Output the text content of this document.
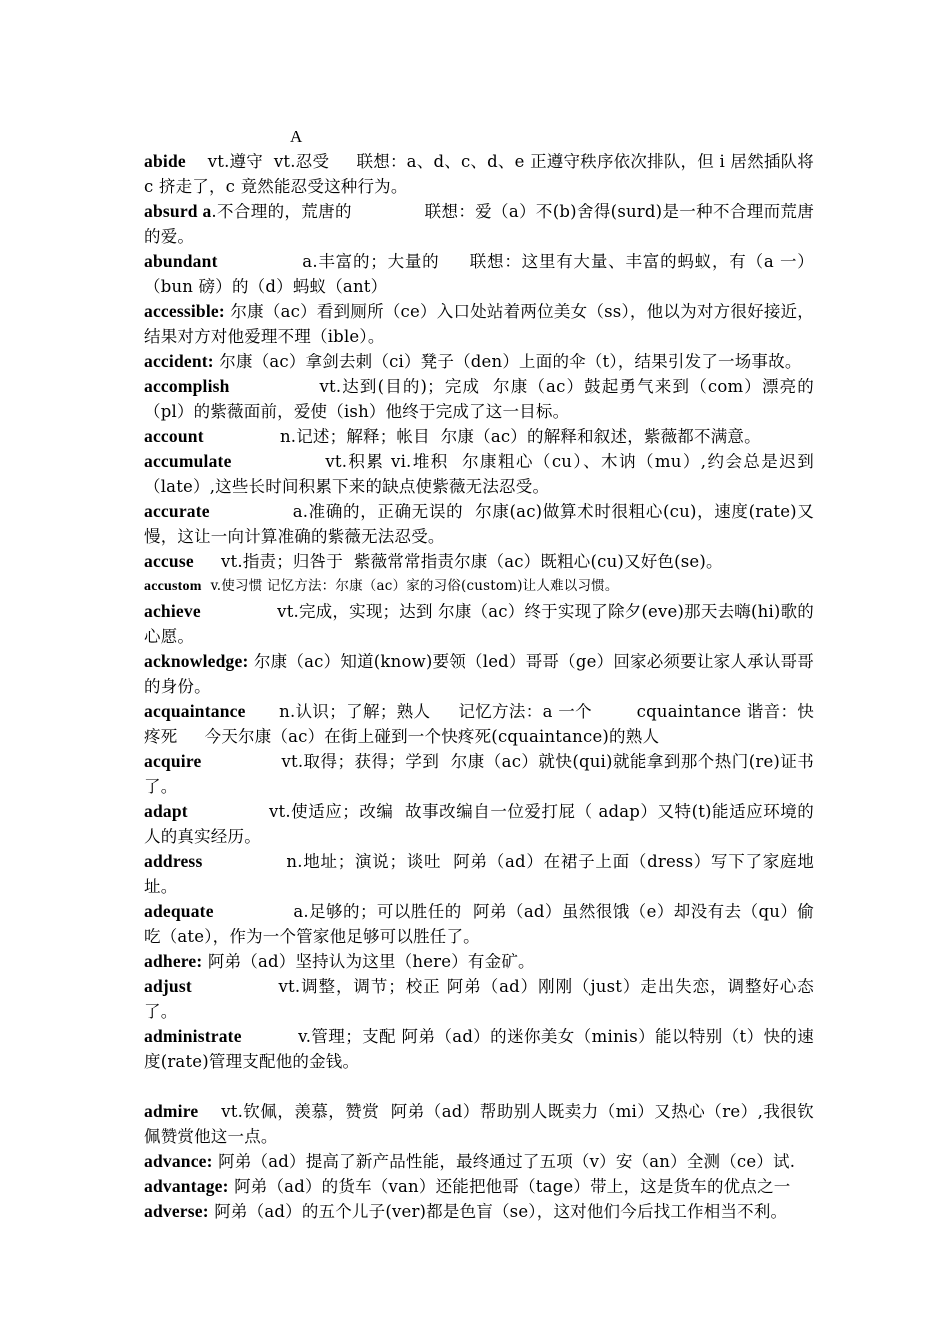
A

abide    vt.遵守  vt.忍受     联想：a、d、c、d、e 正遵守秩序依次排队，但 i 居然插队将 c 挤走了，c 竟然能忍受这种行为。

absurd a.不合理的，荒唐的             联想：爱（a）不(b)舍得(surd)是一种不合理而荒唐的爱。

abundant              a.丰富的；大量的     联想：这里有大量、丰富的蚂蚁，有（a 一）（bun 磅）的（d）蚂蚁（ant）

accessible: 尔康（ac）看到厕所（ce）入口处站着两位美女（ss），他以为对方很好接近，结果对方对他爱理不理（ible）。

accident: 尔康（ac）拿剑去刺（ci）凳子（den）上面的伞（t），结果引发了一场事故。

accomplish              vt.达到(目的)；完成  尔康（ac）鼓起勇气来到（com）漂亮的（pl）的紫薇面前，爱使（ish）他终于完成了这一目标。

account              n.记述；解释；帐目  尔康（ac）的解释和叙述，紫薇都不满意。

accumulate              vt.积累 vi.堆积  尔康粗心（cu）、木讷（mu）,约会总是迟到（late）,这些长时间积累下来的缺点使紫薇无法忍受。

accurate              a.准确的，正确无误的  尔康(ac)做算术时很粗心(cu)，速度(rate)又慢，这让一向计算准确的紫薇无法忍受。

accuse     vt.指责；归咎于  紫薇常常指责尔康（ac）既粗心(cu)又好色(se)。

accustom  v.使习惯 记忆方法：尔康（ac）家的习俗(custom)让人难以习惯。

achieve              vt.完成，实现；达到 尔康（ac）终于实现了除夕(eve)那天去嗨(hi)歌的心愿。

acknowledge: 尔康（ac）知道(know)要领（led）哥哥（ge）回家必须要让家人承认哥哥的身份。

acquaintance      n.认识；了解；熟人     记忆方法：a 一个        cquaintance 谐音：快疼死     今天尔康（ac）在街上碰到一个快疼死(cquaintance)的熟人

acquire              vt.取得；获得；学到  尔康（ac）就快(qui)就能拿到那个热门(re)证书了。

adapt              vt.使适应；改编  故事改编自一位爱打屁（ adap）又特(t)能适应环境的人的真实经历。

address              n.地址；演说；谈吐  阿弟（ad）在裙子上面（dress）写下了家庭地址。

adequate              a.足够的；可以胜任的  阿弟（ad）虽然很饿（e）却没有去（qu）偷吃（ate），作为一个管家他足够可以胜任了。

adhere: 阿弟（ad）坚持认为这里（here）有金矿。

adjust              vt.调整，调节；校正 阿弟（ad）刚刚（just）走出失恋，调整好心态了。

administrate          v.管理；支配 阿弟（ad）的迷你美女（minis）能以特别（t）快的速度(rate)管理支配他的金钱。

admire    vt.钦佩，羡慕，赞赏  阿弟（ad）帮助别人既卖力（mi）又热心（re）,我很钦佩赞赏他这一点。

advance: 阿弟（ad）提高了新产品性能，最终通过了五项（v）安（an）全测（ce）试.

advantage: 阿弟（ad）的货车（van）还能把他哥（tage）带上，这是货车的优点之一

adverse: 阿弟（ad）的五个儿子(ver)都是色盲（se），这对他们今后找工作相当不利。
